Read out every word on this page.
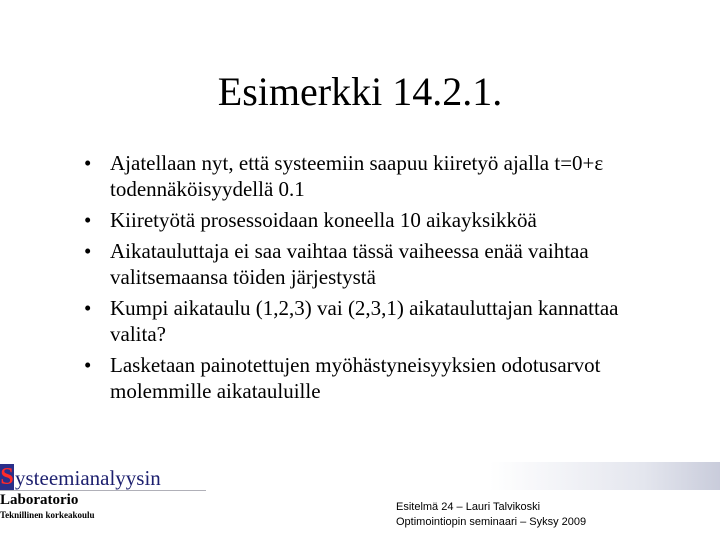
Esimerkki 14.2.1.
• Ajatellaan nyt, että systeemiin saapuu kiiretyö ajalla t=0+ε todennäköisyydellä 0.1
• Kiiretyötä prosessoidaan koneella 10 aikayksikköä
• Aikatauluttaja ei saa vaihtaa tässä vaiheessa enää vaihtaa valitsemaansa töiden järjestystä
• Kumpi aikataulu (1,2,3) vai (2,3,1) aikatauluttajan kannattaa valita?
• Lasketaan painotettujen myöhästyneisyyksien odotusarvot molemmille aikatauluille
S ysteemianalyysin
Laboratorio
Teknillinen korkeakoulu
Esitelmä 24 – Lauri Talvikoski
Optimointiopin seminaari – Syksy 2009
